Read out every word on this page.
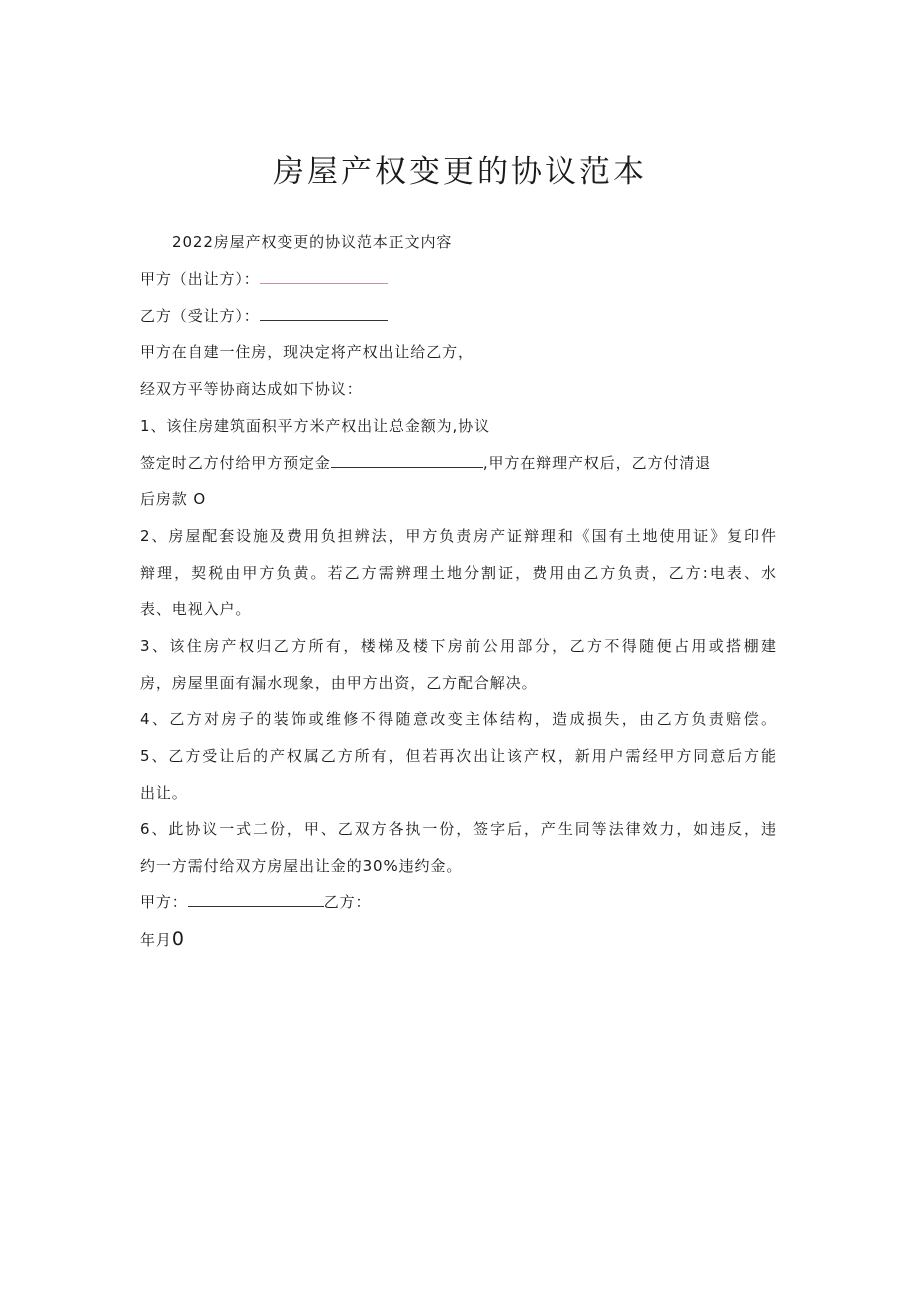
房屋产权变更的协议范本
2022房屋产权变更的协议范本正文内容
甲方（出让方）：
乙方（受让方）：
甲方在自建一住房，现决定将产权出让给乙方，
经双方平等协商达成如下协议：
1、该住房建筑面积平方米产权出让总金额为,协议
签定时乙方付给甲方预定金	,甲方在辩理产权后，乙方付清退
后房款 O
2、房屋配套设施及费用负担辨法，甲方负责房产证辩理和《国有土地使用证》复印件
辩理，契税由甲方负黄。若乙方需辨理土地分割证，费用由乙方负责，乙方:电表、水
表、电视入户。
3、该住房产权归乙方所有，楼梯及楼下房前公用部分，乙方不得随便占用或搭棚建
房，房屋里面有漏水现象，由甲方出资，乙方配合解决。
4、乙方对房子的装饰或维修不得随意改变主体结构，造成损失，由乙方负责赔偿。
5、乙方受让后的产权属乙方所有，但若再次出让该产权，新用户需经甲方同意后方能
出让。
6、此协议一式二份，甲、乙双方各执一份，签字后，产生同等法律效力，如违反，违
约一方需付给双方房屋出让金的30%违约金。
甲方：	乙方：
年月0
